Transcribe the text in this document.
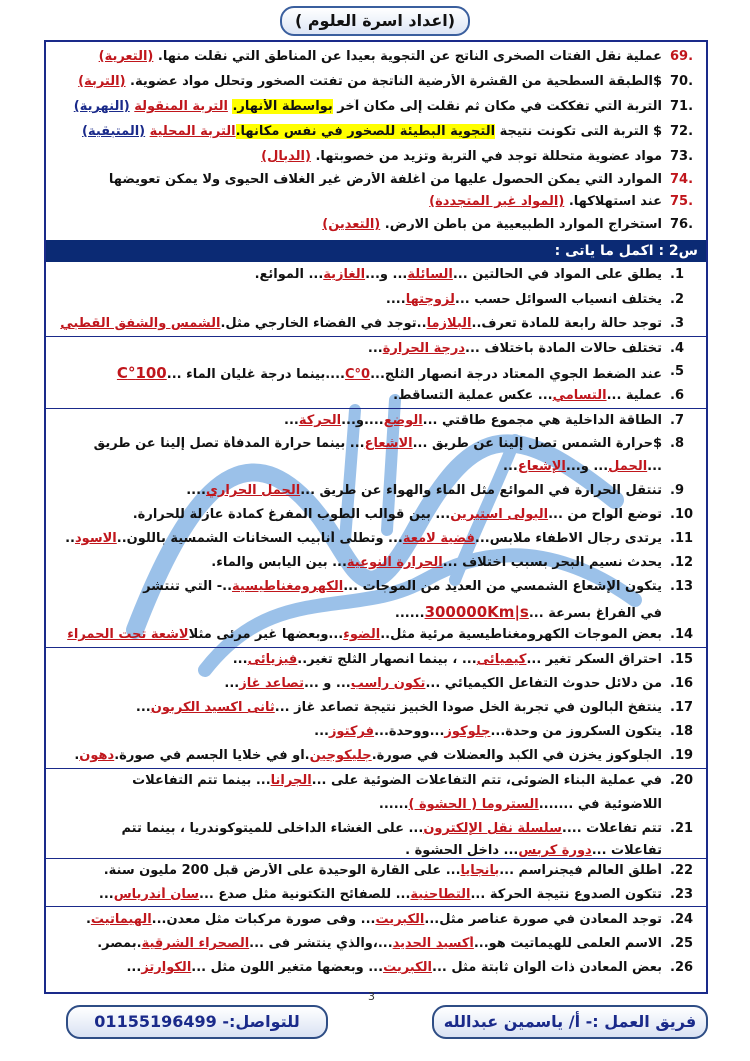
(اعداد اسرة العلوم )
69.
عملية نقل الفتات الصخرى الناتج عن التجوية بعيدا عن المناطق التي نقلت منها. (التعرية)
70.
$الطبقة السطحية من القشرة الأرضية الناتجة من تفتت الصخور وتحلل مواد عضوية. (التربة)
71.
التربة التي تفككت في مكان ثم نقلت إلى مكان آخر بواسطة الأنهار. التربة المنقولة (النهرية)
72.
$ التربة التى تكونت نتيجة التجوية البطيئة للصخور في نفس مكانها.التربة المحلية (المتبقية)
73.
مواد عضوية متحللة توجد في التربة وتزيد من خصوبتها. (الدبال)
74.
الموارد التي يمكن الحصول عليها من أغلفة الأرض غير الغلاف الحيوى ولا يمكن تعويضها
75.
عند استهلاكها. (المواد غير المتجددة)
76.
استخراج الموارد الطبيعيية من باطن الارض. (التعدين)
س2 : اكمل ما ياتى :
.1
يطلق على المواد في الحالتين ...السائلة... و...الغازية... الموائع.
.2
يختلف انسياب السوائل حسب ...لزوجتها....
.3
توجد حالة رابعة للمادة تعرف..البلازما..توجد في الفضاء الخارجي مثل.الشمس والشفق القطبي
.4
تختلف حالات المادة باختلاف ...درجة الحرارة...
.5
عند الضغط الجوي المعتاد درجة انصهار الثلج...0°C....بينما درجة غليان الماء ...100°C
.6
عملية ...التسامي... عكس عملية التساقط.
.7
الطاقة الداخلية هي مجموع طاقتي ...الوضع....و...الحركة...
.8
$حرارة الشمس تصل إلينا عن طريق ...الاشعاع... بينما حرارة المدفأة تصل إلينا عن طريق
...الحمل... و...الإشعاع...
.9
تنتقل الحرارة في الموائع مثل الماء والهواء عن طريق ...الحمل الحراري....
.10
توضع الواح من ...البولى استيرين... بين قوالب الطوب المفرغ كمادة عازلة للحرارة.
.11
يرتدى رجال الاطفاء ملابس...فضية لامعة... وتطلى أنابيب السخانات الشمسية باللون..الاسود..
.12
يحدث نسيم البحر بسبب اختلاف ...الحرارة النوعية... بين اليابس والماء.
.13
يتكون الإشعاع الشمسي من العديد من الموجات ...الكهرومغناطيسية..- التي تنتشر
في الفراغ بسرعة ...300000Km|s......
.14
بعض الموجات الكهرومغناطيسية مرئية مثل..الضوء...وبعضها غير مرئى مثلالاشعة تحت الحمراء
.15
احتراق السكر تغير ...كيميائى... ، بينما انصهار الثلج تغير..فيزيائى...
.16
من دلائل حدوث التفاعل الكيميائي ...تكون راسب... و ...تصاعد غاز...
.17
ينتفخ البالون في تجربة الخل صودا الخبيز نتيجة تصاعد غاز ...ثانى اكسيد الكربون...
.18
يتكون السكروز من وحدة...جلوكوز...ووحدة...فركتوز...
.19
الجلوكوز يخزن في الكبد والعضلات في صورة.جليكوجين.او في خلايا الجسم في صورة.دهون.
.20
في عملية البناء الضوئى، تتم التفاعلات الضوئية على ...الجرانا... بينما تتم التفاعلات
اللاضوئية في .......الستروما ( الحشوة )......
.21
تتم تفاعلات ....سلسلة نقل الإلكترون... على الغشاء الداخلى للميتوكوندريا ، بينما تتم
تفاعلات ...دورة كربس... داخل الحشوة .
.22
أطلق العالم فيجنراسم ...بانجايا... على القارة الوحيدة على الأرض قبل 200 مليون سنة.
.23
تتكون الصدوع نتيجة الحركة ...التطاحنية... للصفائح التكتونية مثل صدع ...سان أندرياس...
.24
توجد المعادن في صورة عناصر مثل...الكبريت... وفى صورة مركبات مثل معدن...الهيماتيت.
.25
الاسم العلمى للهيماتيت هو...أكسيد الحديد...،والذي ينتشر فى ...الصحراء الشرقية.بمصر.
.26
بعض المعادن ذات ألوان ثابتة مثل ...الكبريت... وبعضها متغير اللون مثل ...الكوارتز...
3
للتواصل:- 01155196499	فريق العمل :- أ/ ياسمين عبدالله
